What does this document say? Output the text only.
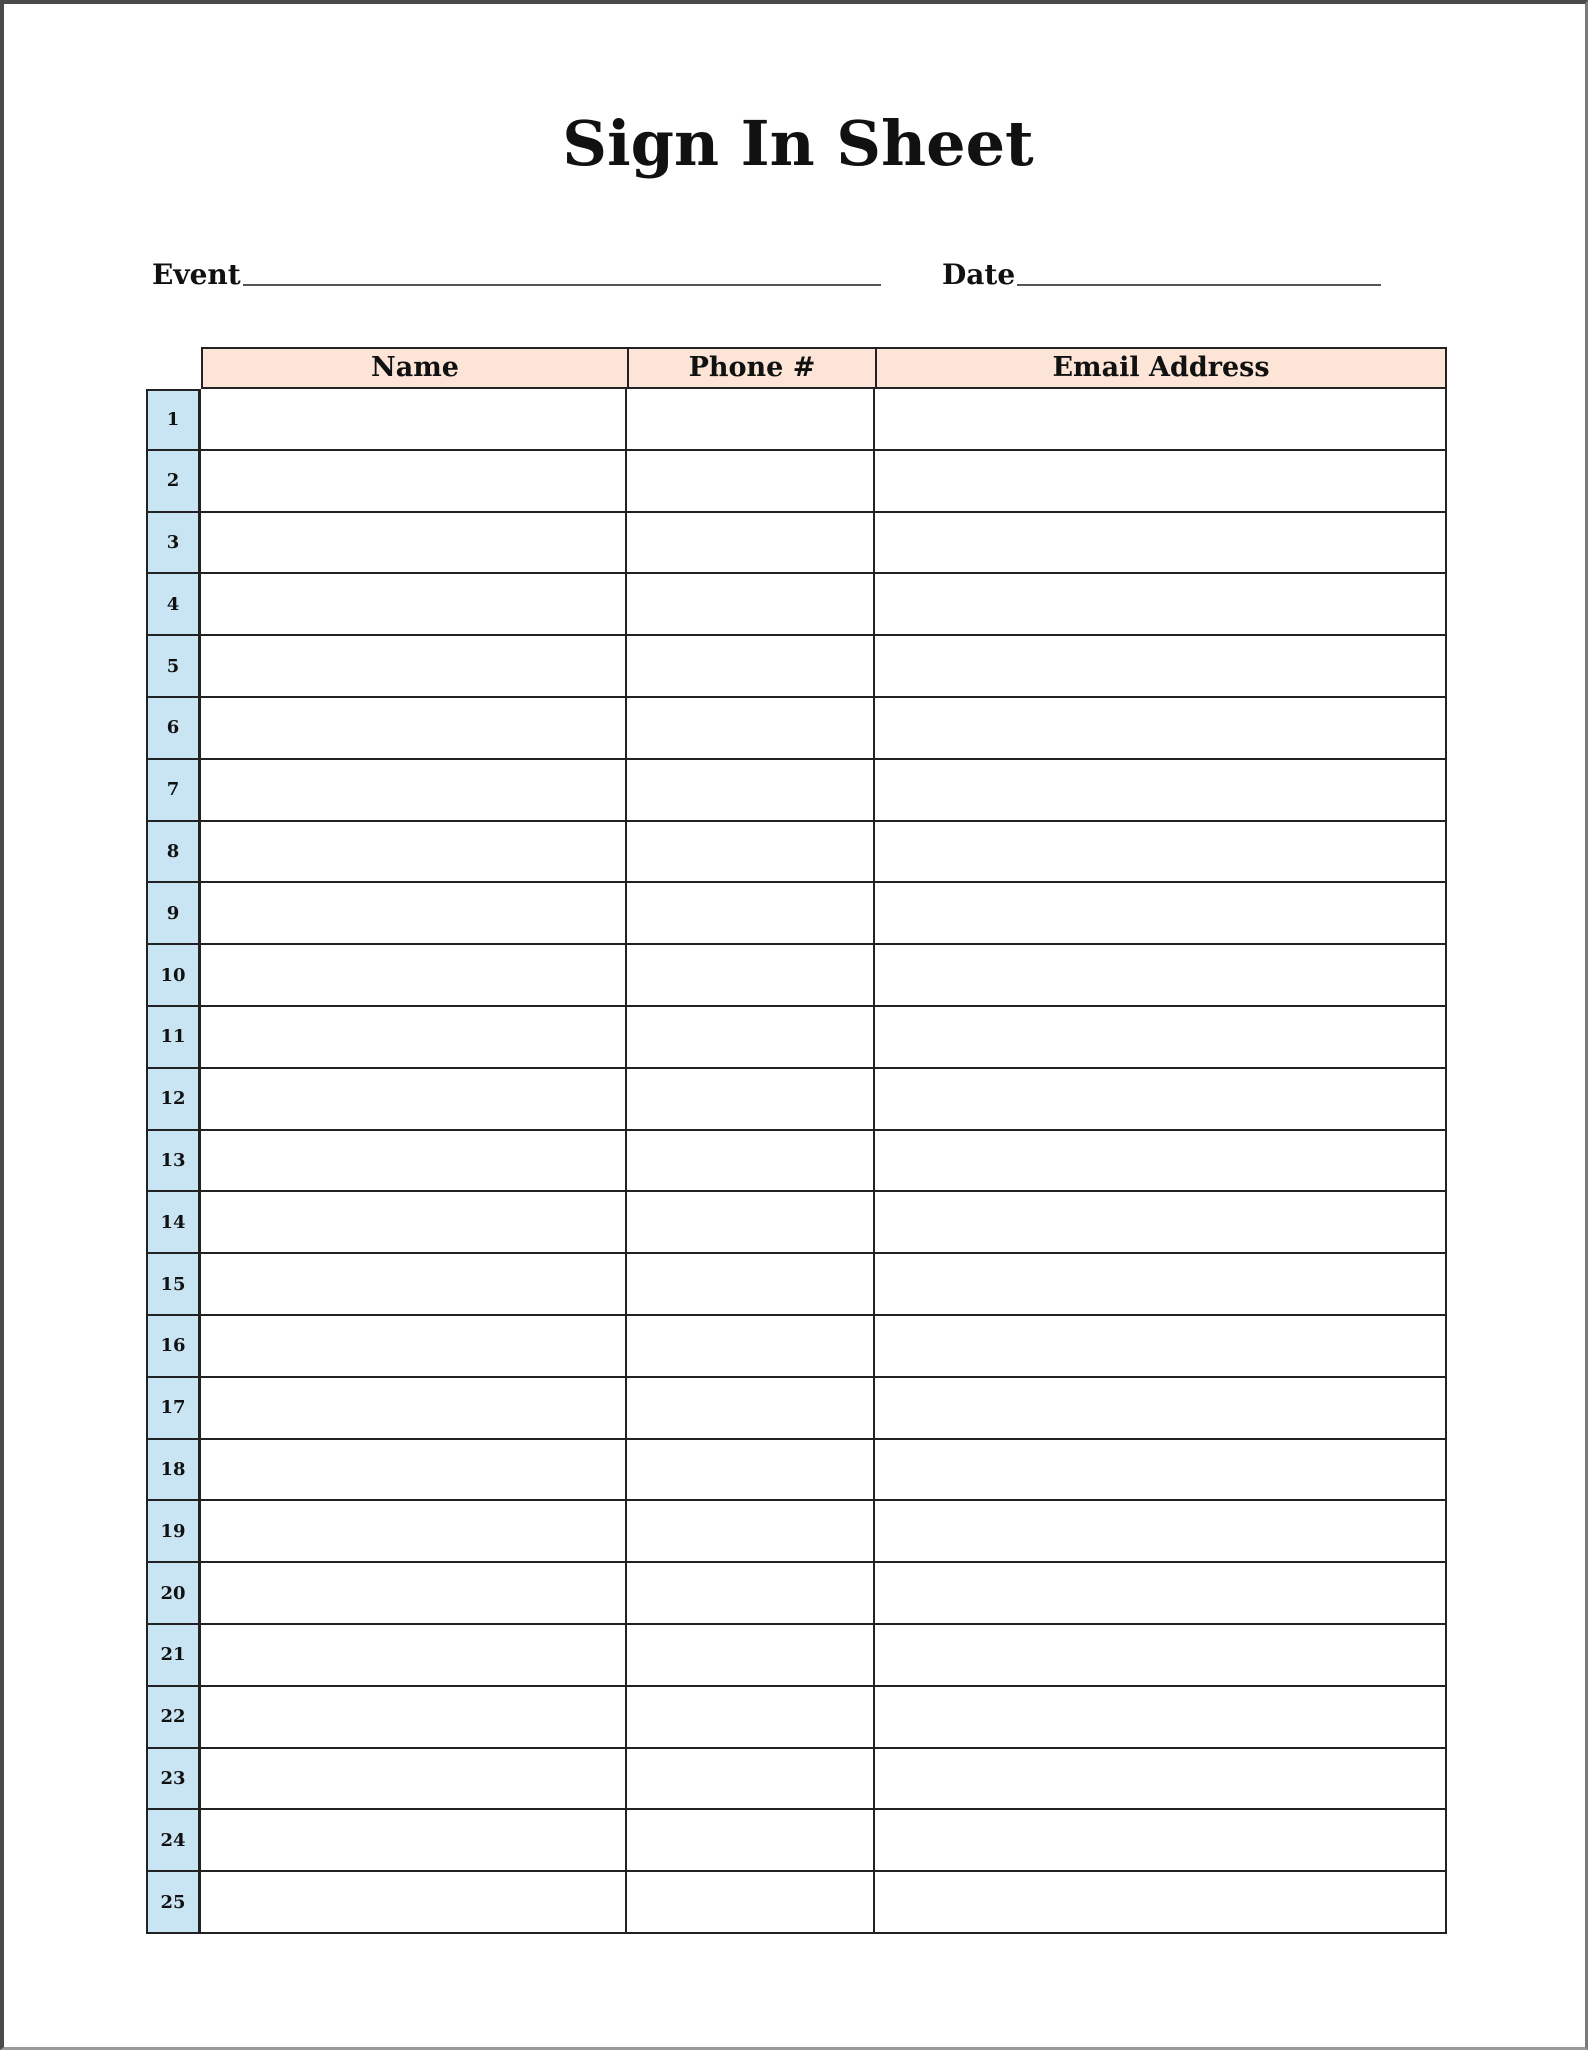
Sign In Sheet
Event	Date
Name	Phone #	Email Address
1
2
3
4
5
6
7
8
9
10
11
12
13
14
15
16
17
18
19
20
21
22
23
24
25
